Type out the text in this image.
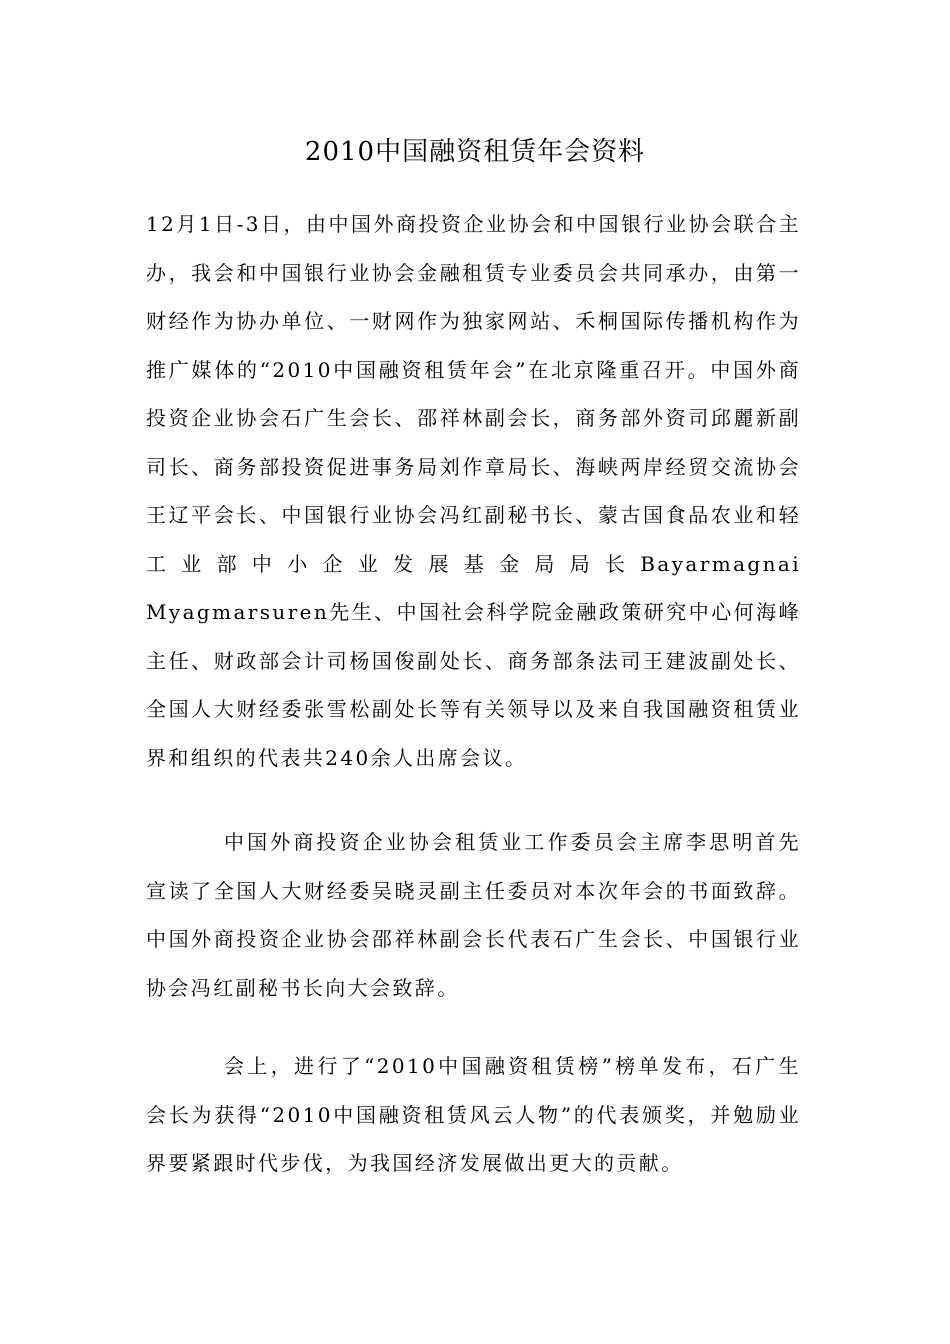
2010中国融资租赁年会资料

12月1日-3日，由中国外商投资企业协会和中国银行业协会联合主办，我会和中国银行业协会金融租赁专业委员会共同承办，由第一财经作为协办单位、一财网作为独家网站、禾桐国际传播机构作为推广媒体的“2010中国融资租赁年会”在北京隆重召开。中国外商投资企业协会石广生会长、邵祥林副会长，商务部外资司邱麗新副司长、商务部投资促进事务局刘作章局长、海峡两岸经贸交流协会王辽平会长、中国银行业协会冯红副秘书长、蒙古国食品农业和轻工业部中小企业发展基金局局长Bayarmagnai Myagmarsuren先生、中国社会科学院金融政策研究中心何海峰主任、财政部会计司杨国俊副处长、商务部条法司王建波副处长、全国人大财经委张雪松副处长等有关领导以及来自我国融资租赁业界和组织的代表共240余人出席会议。

中国外商投资企业协会租赁业工作委员会主席李思明首先宣读了全国人大财经委吴晓灵副主任委员对本次年会的书面致辞。中国外商投资企业协会邵祥林副会长代表石广生会长、中国银行业协会冯红副秘书长向大会致辞。

会上，进行了“2010中国融资租赁榜”榜单发布，石广生会长为获得“2010中国融资租赁风云人物”的代表颁奖，并勉励业界要紧跟时代步伐，为我国经济发展做出更大的贡献。
